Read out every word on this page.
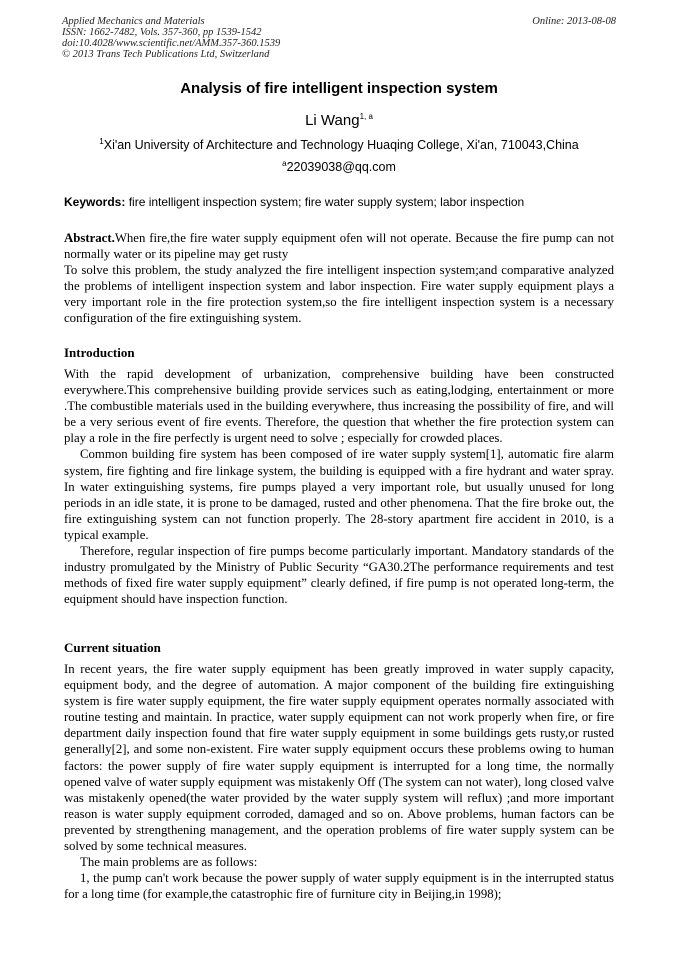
Applied Mechanics and Materials
ISSN: 1662-7482, Vols. 357-360, pp 1539-1542
doi:10.4028/www.scientific.net/AMM.357-360.1539
© 2013 Trans Tech Publications Ltd, Switzerland
Online: 2013-08-08
Analysis of fire intelligent inspection system
Li Wang$^{1, a}$
$^1$Xi'an University of Architecture and Technology Huaqing College, Xi'an, 710043,China
$^a$22039038@qq.com
Keywords: fire intelligent inspection system; fire water supply system; labor inspection

Abstract.When fire,the fire water supply equipment ofen will not operate. Because the fire pump can not normally water or its pipeline may get rusty

To solve this problem, the study analyzed the fire intelligent inspection system;and comparative analyzed the problems of intelligent inspection system and labor inspection. Fire water supply equipment plays a very important role in the fire protection system,so the fire intelligent inspection system is a necessary configuration of the fire extinguishing system.

Introduction

With the rapid development of urbanization, comprehensive building have been constructed everywhere.This comprehensive building provide services such as eating,lodging, entertainment or more .The combustible materials used in the building everywhere, thus increasing the possibility of fire, and will be a very serious event of fire events. Therefore, the question that whether the fire protection system can play a role in the fire perfectly is urgent need to solve ; especially for crowded places.

Common building fire system has been composed of ire water supply system[1], automatic fire alarm system, fire fighting and fire linkage system, the building is equipped with a fire hydrant and water spray. In water extinguishing systems, fire pumps played a very important role, but usually unused for long periods in an idle state, it is prone to be damaged, rusted and other phenomena. That the fire broke out, the fire extinguishing system can not function properly. The 28-story apartment fire accident in 2010, is a typical example.

Therefore, regular inspection of fire pumps become particularly important. Mandatory standards of the industry promulgated by the Ministry of Public Security “GA30.2The performance requirements and test methods of fixed fire water supply equipment” clearly defined, if fire pump is not operated long-term, the equipment should have inspection function.

Current situation

In recent years, the fire water supply equipment has been greatly improved in water supply capacity, equipment body, and the degree of automation. A major component of the building fire extinguishing system is fire water supply equipment, the fire water supply equipment operates normally associated with routine testing and maintain. In practice, water supply equipment can not work properly when fire, or fire department daily inspection found that fire water supply equipment in some buildings gets rusty,or rusted generally[2], and some non-existent. Fire water supply equipment occurs these problems owing to human factors: the power supply of fire water supply equipment is interrupted for a long time, the normally opened valve of water supply equipment was mistakenly Off (The system can not water), long closed valve was mistakenly opened(the water provided by the water supply system will reflux) ;and more important reason is water supply equipment corroded, damaged and so on. Above problems, human factors can be prevented by strengthening management, and the operation problems of fire water supply system can be solved by some technical measures.

The main problems are as follows:

1, the pump can't work because the power supply of water supply equipment is in the interrupted status for a long time (for example,the catastrophic fire of furniture city in Beijing,in 1998);
